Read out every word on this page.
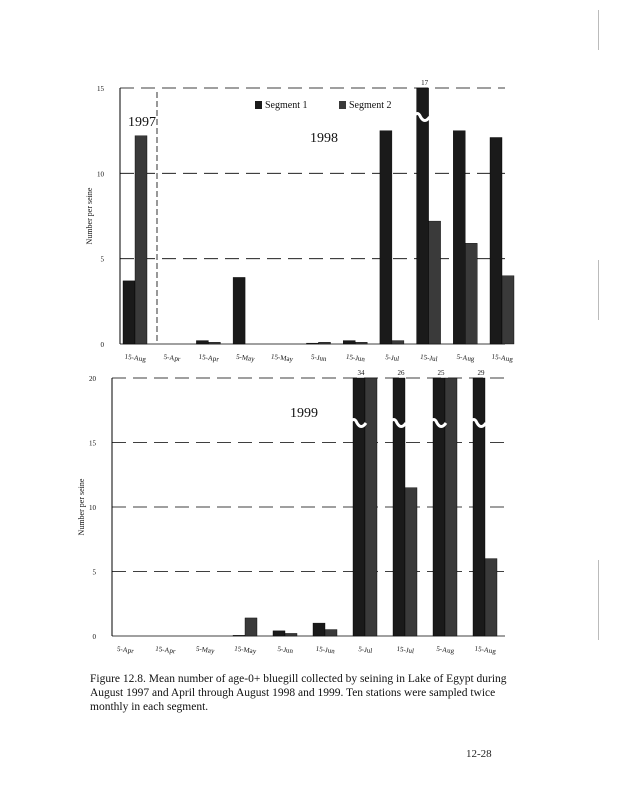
0
5
10
15
Number per seine
1997
1998
Segment 1	Segment 2
15-Aug 5-Apr 15-Apr 5-May 15-May 5-Jun	15-Jun	5-Jul	15-Jul	5-Aug 15-Aug
17
0
5
10
15
20
Number per seine
1999
5-Apr	15-Apr	5-May	15-May	5-Jun	15-Jun	5-Jul	15-Jul	5-Aug	15-Aug
34	26	25	29
Figure 12.8. Mean number of age-0+ bluegill collected by seining in Lake of Egypt during August 1997 and April through August 1998 and 1999. Ten stations were sampled twice monthly in each segment.
12-28
